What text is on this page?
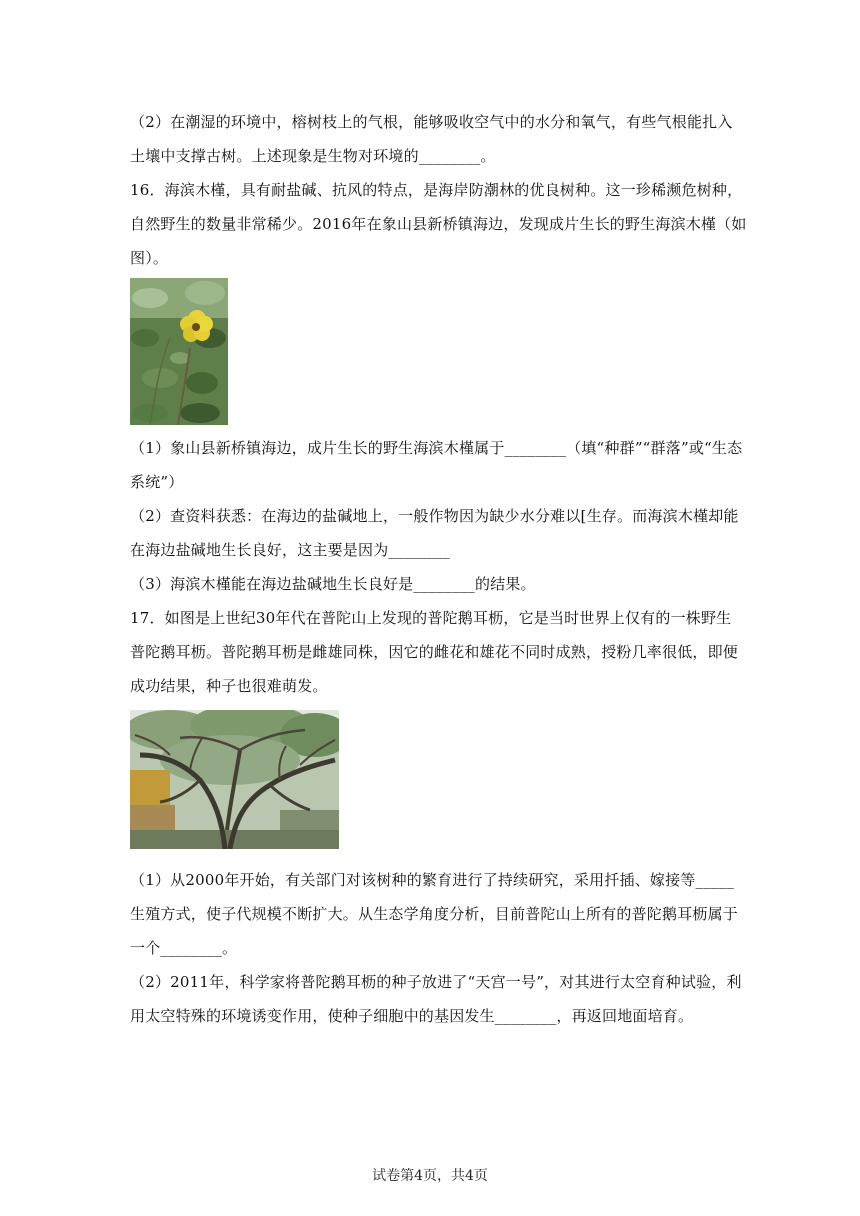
（2）在潮湿的环境中，榕树枝上的气根，能够吸收空气中的水分和氧气，有些气根能扎入
土壤中支撑古树。上述现象是生物对环境的________。
16．海滨木槿，具有耐盐碱、抗风的特点，是海岸防潮林的优良树种。这一珍稀濒危树种，
自然野生的数量非常稀少。2016年在象山县新桥镇海边，发现成片生长的野生海滨木槿（如
图）。
（1）象山县新桥镇海边，成片生长的野生海滨木槿属于________（填“种群”“群落”或“生态
系统”）
（2）查资料获悉：在海边的盐碱地上，一般作物因为缺少水分难以[生存。而海滨木槿却能
在海边盐碱地生长良好，这主要是因为________
（3）海滨木槿能在海边盐碱地生长良好是________的结果。
17．如图是上世纪30年代在普陀山上发现的普陀鹅耳枥，它是当时世界上仅有的一株野生
普陀鹅耳枥。普陀鹅耳枥是雌雄同株，因它的雌花和雄花不同时成熟，授粉几率很低，即便
成功结果，种子也很难萌发。
（1）从2000年开始，有关部门对该树种的繁育进行了持续研究，采用扦插、嫁接等_____
生殖方式，使子代规模不断扩大。从生态学角度分析，目前普陀山上所有的普陀鹅耳枥属于
一个________。
（2）2011年，科学家将普陀鹅耳枥的种子放进了“天宫一号”，对其进行太空育种试验，利
用太空特殊的环境诱变作用，使种子细胞中的基因发生________，再返回地面培育。
试卷第4页，共4页
